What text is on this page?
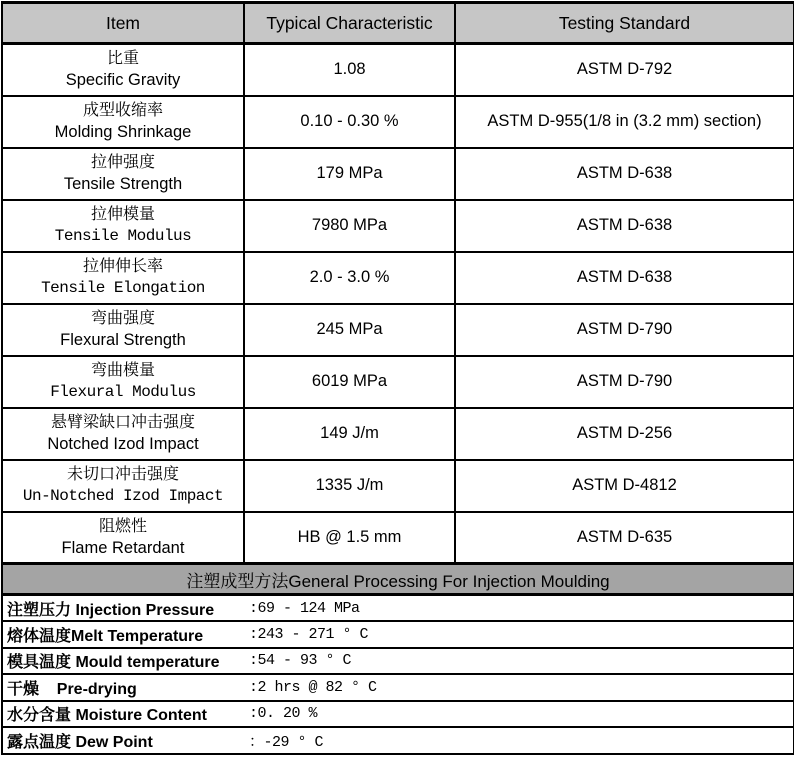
Item	Typical Characteristic	Testing Standard

比重
Specific Gravity	1.08	ASTM D-792

成型收缩率
Molding Shrinkage	0.10 - 0.30 %	ASTM D-955(1/8 in (3.2 mm) section)

拉伸强度
Tensile Strength	179 MPa	ASTM D-638

拉伸模量
Tensile Modulus	7980 MPa	ASTM D-638

拉伸伸长率
Tensile Elongation	2.0 - 3.0 %	ASTM D-638

弯曲强度
Flexural Strength	245 MPa	ASTM D-790

弯曲模量
Flexural Modulus	6019 MPa	ASTM D-790

悬臂梁缺口冲击强度
Notched Izod Impact	149 J/m	ASTM D-256

未切口冲击强度
Un-Notched Izod Impact	1335 J/m	ASTM D-4812

阻燃性
Flame Retardant	HB @ 1.5 mm	ASTM D-635
注塑成型方法General Processing For Injection Moulding		

注塑压力 Injection Pressure :69 - 124 MPa		

熔体温度Melt Temperature :243 - 271 ° C		

模具温度 Mould temperature :54 - 93 ° C		

干燥    Pre-drying :2 hrs @ 82 ° C		

水分含量 Moisture Content :0. 20 %		

露点温度 Dew Point ：-29 ° C		
